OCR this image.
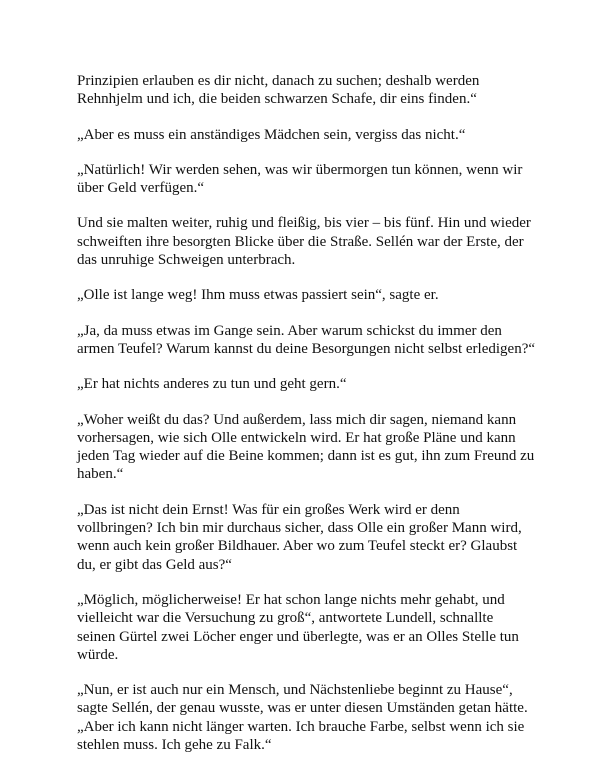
Prinzipien erlauben es dir nicht, danach zu suchen; deshalb werden
Rehnhjelm und ich, die beiden schwarzen Schafe, dir eins finden.“

„Aber es muss ein anständiges Mädchen sein, vergiss das nicht.“

„Natürlich! Wir werden sehen, was wir übermorgen tun können, wenn wir
über Geld verfügen.“

Und sie malten weiter, ruhig und fleißig, bis vier – bis fünf. Hin und wieder
schweiften ihre besorgten Blicke über die Straße. Sellén war der Erste, der
das unruhige Schweigen unterbrach.

„Olle ist lange weg! Ihm muss etwas passiert sein“, sagte er.

„Ja, da muss etwas im Gange sein. Aber warum schickst du immer den
armen Teufel? Warum kannst du deine Besorgungen nicht selbst erledigen?“

„Er hat nichts anderes zu tun und geht gern.“

„Woher weißt du das? Und außerdem, lass mich dir sagen, niemand kann
vorhersagen, wie sich Olle entwickeln wird. Er hat große Pläne und kann
jeden Tag wieder auf die Beine kommen; dann ist es gut, ihn zum Freund zu
haben.“

„Das ist nicht dein Ernst! Was für ein großes Werk wird er denn
vollbringen? Ich bin mir durchaus sicher, dass Olle ein großer Mann wird,
wenn auch kein großer Bildhauer. Aber wo zum Teufel steckt er? Glaubst
du, er gibt das Geld aus?“

„Möglich, möglicherweise! Er hat schon lange nichts mehr gehabt, und
vielleicht war die Versuchung zu groß“, antwortete Lundell, schnallte
seinen Gürtel zwei Löcher enger und überlegte, was er an Olles Stelle tun
würde.

„Nun, er ist auch nur ein Mensch, und Nächstenliebe beginnt zu Hause“,
sagte Sellén, der genau wusste, was er unter diesen Umständen getan hätte.
„Aber ich kann nicht länger warten. Ich brauche Farbe, selbst wenn ich sie
stehlen muss. Ich gehe zu Falk.“
